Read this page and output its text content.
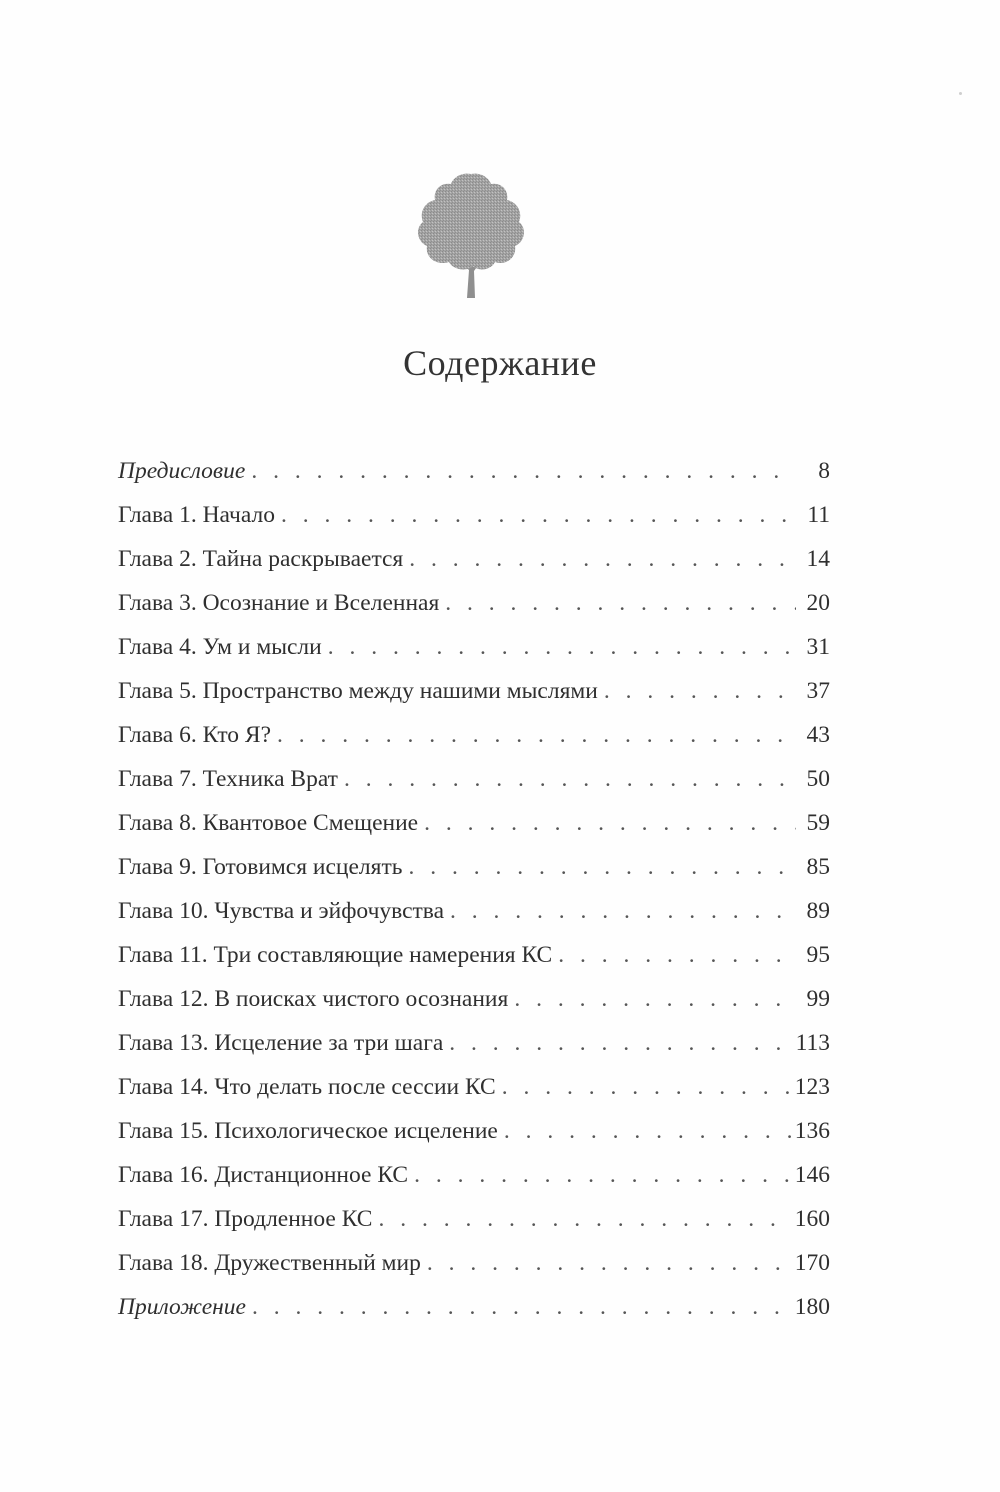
Содержание
Предисловие . . .	8
Глава 1. Начало . . .	11
Глава 2. Тайна раскрывается . . .	14
Глава 3. Осознание и Вселенная . . .	20
Глава 4. Ум и мысли . . .	31
Глава 5. Пространство между нашими мыслями . . .	37
Глава 6. Кто Я? . . .	43
Глава 7. Техника Врат . . .	50
Глава 8. Квантовое Смещение . . .	59
Глава 9. Готовимся исцелять . . .	85
Глава 10. Чувства и эйфочувства . . .	89
Глава 11. Три составляющие намерения КС . . .	95
Глава 12. В поисках чистого осознания . . .	99
Глава 13. Исцеление за три шага . . .	113
Глава 14. Что делать после сессии КС . . .	123
Глава 15. Психологическое исцеление . . .	136
Глава 16. Дистанционное КС . . .	146
Глава 17. Продленное КС . . .	160
Глава 18. Дружественный мир . . .	170
Приложение . . .	180
